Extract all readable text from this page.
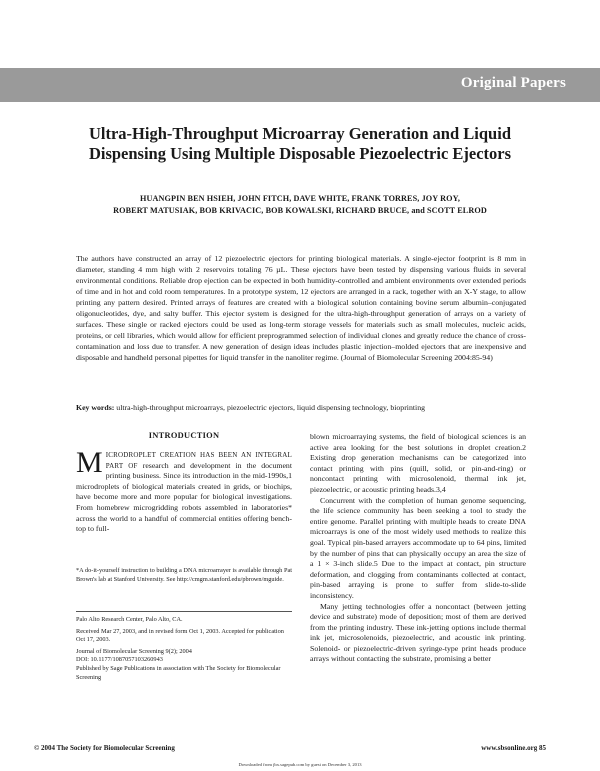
Original Papers
Ultra-High-Throughput Microarray Generation and Liquid
Dispensing Using Multiple Disposable Piezoelectric Ejectors
HUANGPIN BEN HSIEH, JOHN FITCH, DAVE WHITE, FRANK TORRES, JOY ROY,
ROBERT MATUSIAK, BOB KRIVACIC, BOB KOWALSKI, RICHARD BRUCE, and SCOTT ELROD
The authors have constructed an array of 12 piezoelectric ejectors for printing biological materials. A single-ejector footprint is 8 mm in diameter, standing 4 mm high with 2 reservoirs totaling 76 µL. These ejectors have been tested by dispensing various fluids in several environmental conditions. Reliable drop ejection can be expected in both humidity-controlled and ambient environments over extended periods of time and in hot and cold room temperatures. In a prototype system, 12 ejectors are arranged in a rack, together with an X-Y stage, to allow printing any pattern desired. Printed arrays of features are created with a biological solution containing bovine serum albumin–conjugated oligonucleotides, dye, and salty buffer. This ejector system is designed for the ultra-high-throughput generation of arrays on a variety of surfaces. These single or racked ejectors could be used as long-term storage vessels for materials such as small molecules, nucleic acids, proteins, or cell libraries, which would allow for efficient preprogrammed selection of individual clones and greatly reduce the chance of cross-contamination and loss due to transfer. A new generation of design ideas includes plastic injection–molded ejectors that are inexpensive and disposable and handheld personal pipettes for liquid transfer in the nanoliter regime. (Journal of Biomolecular Screening 2004:85-94)
Key words: ultra-high-throughput microarrays, piezoelectric ejectors, liquid dispensing technology, bioprinting
INTRODUCTION

M ICRODROPLET CREATION HAS BEEN AN INTEGRAL PART OF research and development in the document printing business. Since its introduction in the mid-1990s,1 microdroplets of biological materials created in grids, or biochips, have become more and more popular for biological investigations. From homebrew microgridding robots assembled in laboratories* across the world to a handful of commercial entities offering bench-top to full-

blown microarraying systems, the field of biological sciences is an active area looking for the best solutions in droplet creation.2 Existing drop generation mechanisms can be categorized into contact printing with pins (quill, solid, or pin-and-ring) or noncontact printing with microsolenoid, thermal ink jet, piezoelectric, or acoustic printing heads.3,4

Concurrent with the completion of human genome sequencing, the life science community has been seeking a tool to study the entire genome. Parallel printing with multiple heads to create DNA microarrays is one of the most widely used methods to realize this goal. Typical pin-based arrayers accommodate up to 64 pins, limited by the number of pins that can physically occupy an area the size of a 1 × 3-inch slide.5 Due to the impact at contact, pin structure deformation, and clogging from contaminants collected at contact, pin-based arraying is prone to suffer from slide-to-slide inconsistency.

Many jetting technologies offer a noncontact (between jetting device and substrate) mode of deposition; most of them are derived from the printing industry. These ink-jetting options include thermal ink jet, microsolenoids, piezoelectric, and acoustic ink printing. Solenoid- or piezoelectric-driven syringe-type print heads produce arrays without contacting the substrate, promising a better

*A do-it-yourself instruction to building a DNA microarrayer is available through Pat Brown's lab at Stanford University. See http://cmgm.stanford.edu/pbrown/mguide.

Palo Alto Research Center, Palo Alto, CA.

Received Mar 27, 2003, and in revised form Oct 1, 2003. Accepted for publication Oct 17, 2003.

Journal of Biomolecular Screening 9(2); 2004
DOI: 10.1177/1087057103260943
Published by Sage Publications in association with The Society for Biomolecular Screening

© 2004 The Society for Biomolecular Screening	www.sbsonline.org 85
Downloaded from jbx.sagepub.com by guest on December 3, 2013
